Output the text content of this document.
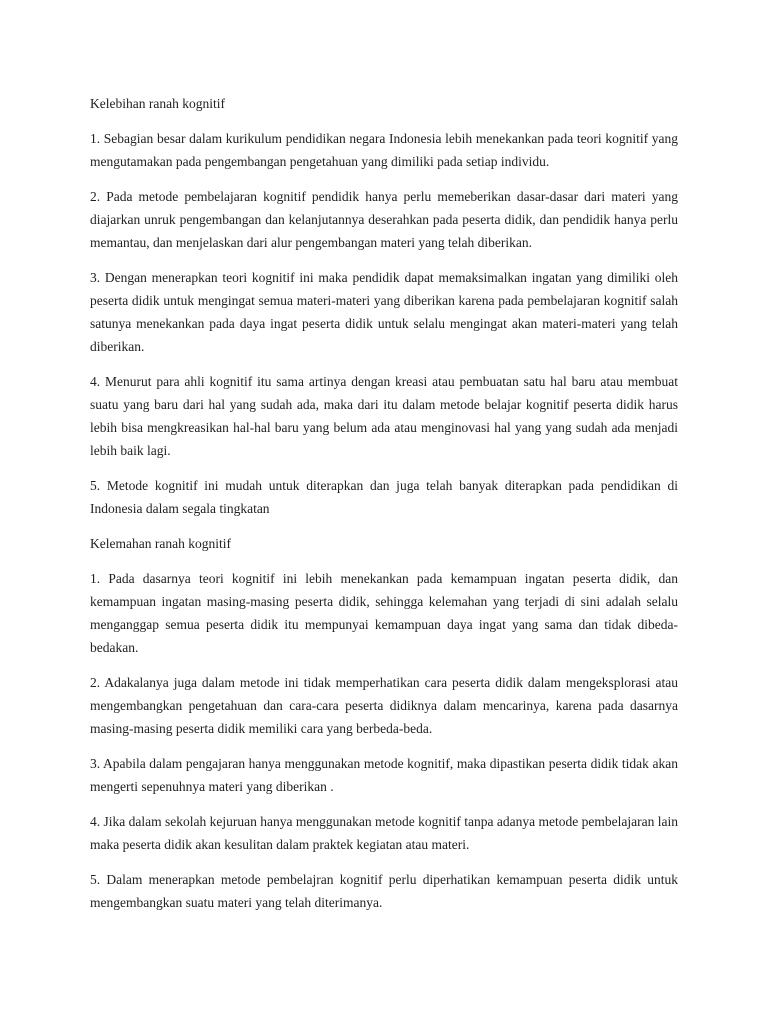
Kelebihan ranah kognitif

1. Sebagian besar dalam kurikulum pendidikan negara Indonesia lebih menekankan pada teori kognitif yang mengutamakan pada pengembangan pengetahuan yang dimiliki pada setiap individu.

2. Pada metode pembelajaran kognitif pendidik hanya perlu memeberikan dasar-dasar dari materi yang diajarkan unruk pengembangan dan kelanjutannya deserahkan pada peserta didik, dan pendidik hanya perlu memantau, dan menjelaskan dari alur pengembangan materi yang telah diberikan.

3. Dengan menerapkan teori kognitif ini maka pendidik dapat memaksimalkan ingatan yang dimiliki oleh peserta didik untuk mengingat semua materi-materi yang diberikan karena pada pembelajaran kognitif salah satunya menekankan pada daya ingat peserta didik untuk selalu mengingat akan materi-materi yang telah diberikan.

4. Menurut para ahli kognitif itu sama artinya dengan kreasi atau pembuatan satu hal baru atau membuat suatu yang baru dari hal yang sudah ada, maka dari itu dalam metode belajar kognitif peserta didik harus lebih bisa mengkreasikan hal-hal baru yang belum ada atau menginovasi hal yang yang sudah ada menjadi lebih baik lagi.

5. Metode kognitif ini mudah untuk diterapkan dan juga telah banyak diterapkan pada pendidikan di Indonesia dalam segala tingkatan

Kelemahan ranah kognitif

1. Pada dasarnya teori kognitif ini lebih menekankan pada kemampuan ingatan peserta didik, dan kemampuan ingatan masing-masing peserta didik, sehingga kelemahan yang terjadi di sini adalah selalu menganggap semua peserta didik itu mempunyai kemampuan daya ingat yang sama dan tidak dibeda-bedakan.

2. Adakalanya juga dalam metode ini tidak memperhatikan cara peserta didik dalam mengeksplorasi atau mengembangkan pengetahuan dan cara-cara peserta didiknya dalam mencarinya, karena pada dasarnya masing-masing peserta didik memiliki cara yang berbeda-beda.

3. Apabila dalam pengajaran hanya menggunakan metode kognitif, maka dipastikan peserta didik tidak akan mengerti sepenuhnya materi yang diberikan .

4. Jika dalam sekolah kejuruan hanya menggunakan metode kognitif tanpa adanya metode pembelajaran lain maka peserta didik akan kesulitan dalam praktek kegiatan atau materi.

5. Dalam menerapkan metode pembelajran kognitif perlu diperhatikan kemampuan peserta didik untuk mengembangkan suatu materi yang telah diterimanya.
